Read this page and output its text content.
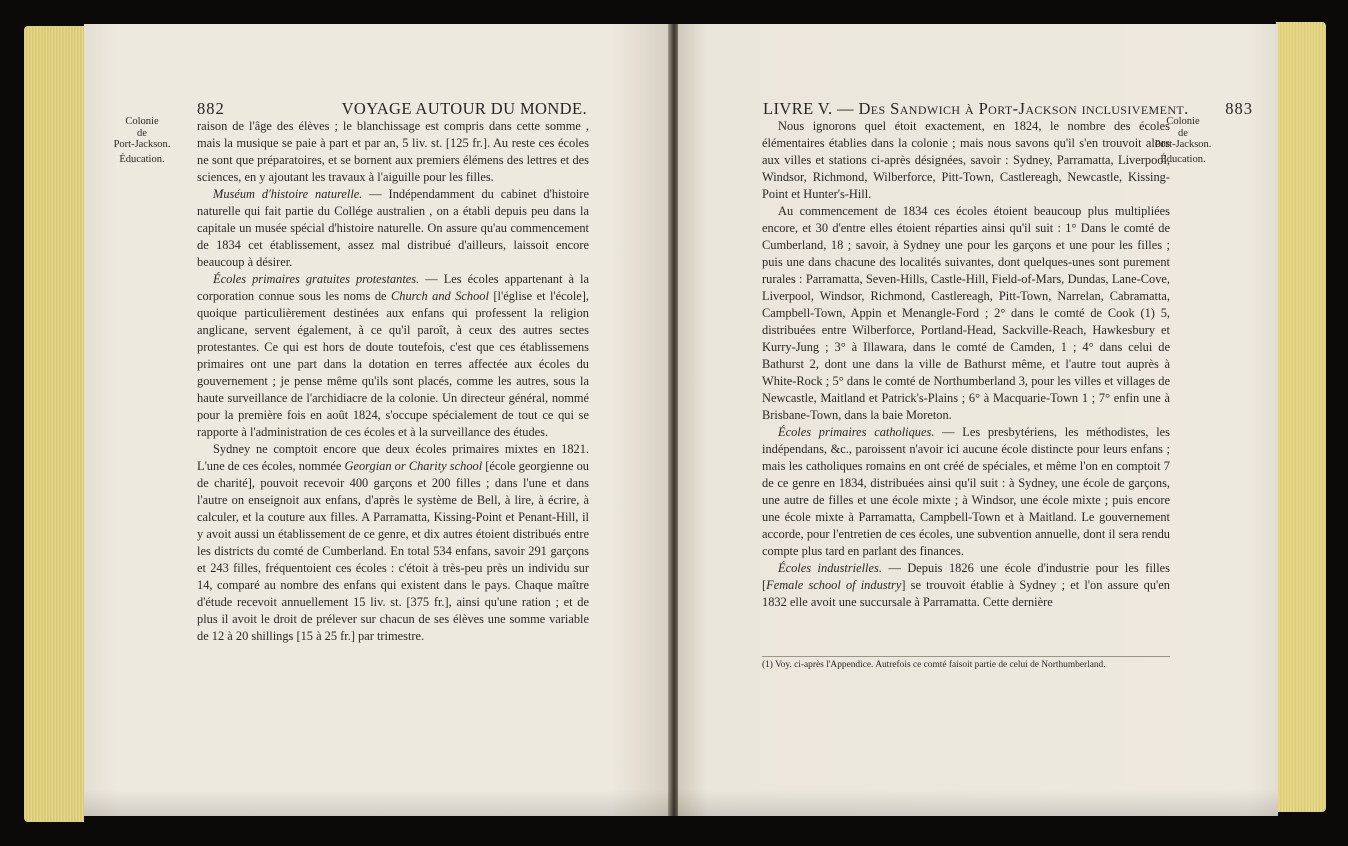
882	VOYAGE AUTOUR DU MONDE.
Colonie
de
Port-Jackson.
Éducation.

raison de l'âge des élèves ; le blanchissage est compris dans cette somme , mais la musique se paie à part et par an, 5 liv. st. [125 fr.]. Au reste ces écoles ne sont que préparatoires, et se bornent aux premiers élémens des lettres et des sciences, en y ajoutant les travaux à l'aiguille pour les filles.

Muséum d'histoire naturelle. — Indépendamment du cabinet d'histoire naturelle qui fait partie du Collége australien , on a établi depuis peu dans la capitale un musée spécial d'histoire naturelle. On assure qu'au commencement de 1834 cet établissement, assez mal distribué d'ailleurs, laissoit encore beaucoup à désirer.

Écoles primaires gratuites protestantes. — Les écoles appartenant à la corporation connue sous les noms de Church and School [l'église et l'école], quoique particulièrement destinées aux enfans qui professent la religion anglicane, servent également, à ce qu'il paroît, à ceux des autres sectes protestantes. Ce qui est hors de doute toutefois, c'est que ces établissemens primaires ont une part dans la dotation en terres affectée aux écoles du gouvernement ; je pense même qu'ils sont placés, comme les autres, sous la haute surveillance de l'archidiacre de la colonie. Un directeur général, nommé pour la première fois en août 1824, s'occupe spécialement de tout ce qui se rapporte à l'administration de ces écoles et à la surveillance des études.

Sydney ne comptoit encore que deux écoles primaires mixtes en 1821. L'une de ces écoles, nommée Georgian or Charity school [école georgienne ou de charité], pouvoit recevoir 400 garçons et 200 filles ; dans l'une et dans l'autre on enseignoit aux enfans, d'après le système de Bell, à lire, à écrire, à calculer, et la couture aux filles. A Parramatta, Kissing-Point et Penant-Hill, il y avoit aussi un établissement de ce genre, et dix autres étoient distribués entre les districts du comté de Cumberland. En total 534 enfans, savoir 291 garçons et 243 filles, fréquentoient ces écoles : c'étoit à très-peu près un individu sur 14, comparé au nombre des enfans qui existent dans le pays. Chaque maître d'étude recevoit annuellement 15 liv. st. [375 fr.], ainsi qu'une ration ; et de plus il avoit le droit de prélever sur chacun de ses élèves une somme variable de 12 à 20 shillings [15 à 25 fr.] par trimestre.

LIVRE V. — Des Sandwich à Port-Jackson inclusivement. 883
Colonie
de
Port-Jackson.
Éducation.

Nous ignorons quel étoit exactement, en 1824, le nombre des écoles élémentaires établies dans la colonie ; mais nous savons qu'il s'en trouvoit alors aux villes et stations ci-après désignées, savoir : Sydney, Parramatta, Liverpool, Windsor, Richmond, Wilberforce, Pitt-Town, Castlereagh, Newcastle, Kissing-Point et Hunter's-Hill.

Au commencement de 1834 ces écoles étoient beaucoup plus multipliées encore, et 30 d'entre elles étoient réparties ainsi qu'il suit : 1° Dans le comté de Cumberland, 18 ; savoir, à Sydney une pour les garçons et une pour les filles ; puis une dans chacune des localités suivantes, dont quelques-unes sont purement rurales : Parramatta, Seven-Hills, Castle-Hill, Field-of-Mars, Dundas, Lane-Cove, Liverpool, Windsor, Richmond, Castlereagh, Pitt-Town, Narrelan, Cabramatta, Campbell-Town, Appin et Menangle-Ford ; 2° dans le comté de Cook (1) 5, distribuées entre Wilberforce, Portland-Head, Sackville-Reach, Hawkesbury et Kurry-Jung ; 3° à Illawara, dans le comté de Camden, 1 ; 4° dans celui de Bathurst 2, dont une dans la ville de Bathurst même, et l'autre tout auprès à White-Rock ; 5° dans le comté de Northumberland 3, pour les villes et villages de Newcastle, Maitland et Patrick's-Plains ; 6° à Macquarie-Town 1 ; 7° enfin une à Brisbane-Town, dans la baie Moreton.

Écoles primaires catholiques. — Les presbytériens, les méthodistes, les indépendans, &c., paroissent n'avoir ici aucune école distincte pour leurs enfans ; mais les catholiques romains en ont créé de spéciales, et même l'on en comptoit 7 de ce genre en 1834, distribuées ainsi qu'il suit : à Sydney, une école de garçons, une autre de filles et une école mixte ; à Windsor, une école mixte ; puis encore une école mixte à Parramatta, Campbell-Town et à Maitland. Le gouvernement accorde, pour l'entretien de ces écoles, une subvention annuelle, dont il sera rendu compte plus tard en parlant des finances.

Écoles industrielles. — Depuis 1826 une école d'industrie pour les filles [Female school of industry] se trouvoit établie à Sydney ; et l'on assure qu'en 1832 elle avoit une succursale à Parramatta. Cette dernière

(1) Voy. ci-après l'Appendice. Autrefois ce comté faisoit partie de celui de Northumberland.
